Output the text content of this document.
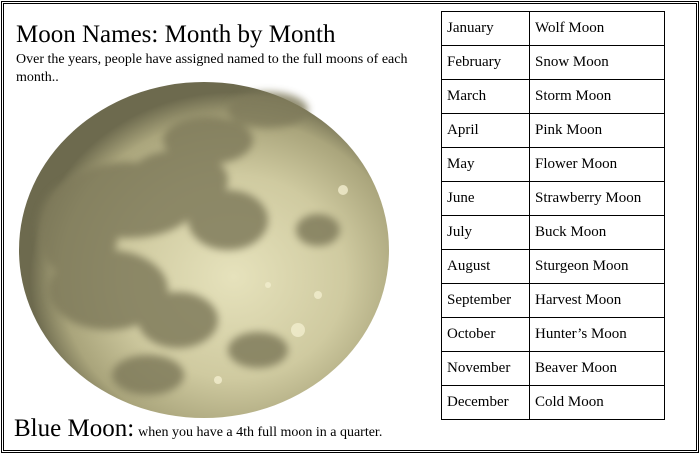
Moon Names: Month by Month
Over the years, people have assigned named to the full moons of each month..
Blue Moon: when you have a 4th full moon in a quarter.
January	Wolf Moon
February	Snow Moon
March	Storm Moon
April	Pink Moon
May	Flower Moon
June	Strawberry Moon
July	Buck Moon
August	Sturgeon Moon
September	Harvest Moon
October	Hunter’s Moon
November	Beaver Moon
December	Cold Moon
